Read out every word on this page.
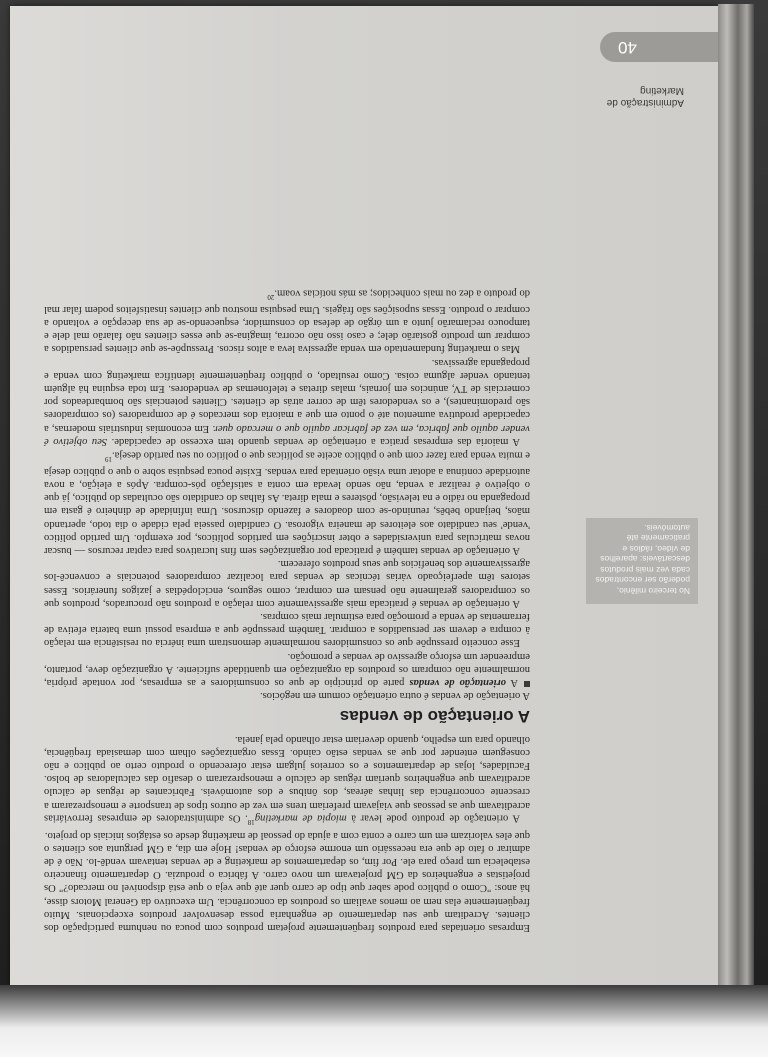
40
Administração de Marketing
No terceiro milênio, poderão ser encontrados cada vez mais produtos descartáveis: aparelhos de vídeo, rádios e praticamente até automóveis.

Empresas orientadas para produtos freqüentemente projetam produtos com pouca ou nenhuma participação dos clientes. Acreditam que seu departamento de engenharia possa desenvolver produtos excepcionais. Muito freqüentemente elas nem ao menos avaliam os produtos da concorrência. Um executivo da General Motors disse, há anos: "Como o público pode saber que tipo de carro quer até que veja o que está disponível no mercado?" Os projetistas e engenheiros da GM projetavam um novo carro. A fábrica o produzia. O departamento financeiro estabelecia um preço para ele. Por fim, os departamentos de marketing e de vendas tentavam vendê-lo. Não é de admirar o fato de que era necessário um enorme esforço de vendas! Hoje em dia, a GM pergunta aos clientes o que eles valorizam em um carro e conta com a ajuda do pessoal de marketing desde os estágios iniciais do projeto.

A orientação de produto pode levar à miopia de marketing$^{18}$. Os administradores de empresas ferroviárias acreditavam que as pessoas que viajavam preferiam trens em vez de outros tipos de transporte e menosprezaram a crescente concorrência das linhas aéreas, dos ônibus e dos automóveis. Fabricantes de réguas de cálculo acreditavam que engenheiros queriam réguas de cálculo e menosprezaram o desafio das calculadoras de bolso. Faculdades, lojas de departamentos e os correios julgam estar oferecendo o produto certo ao público e não conseguem entender por que as vendas estão caindo. Essas organizações olham com demasiada freqüência, olhando para um espelho, quando deveriam estar olhando pela janela.

A orientação de vendas

A orientação de vendas é outra orientação comum em negócios.

A orientação de vendas parte do princípio de que os consumidores e as empresas, por vontade própria, normalmente não compram os produtos da organização em quantidade suficiente. A organização deve, portanto, empreender um esforço agressivo de vendas e promoção.

Esse conceito pressupõe que os consumidores normalmente demonstram uma inércia ou resistência em relação à compra e devem ser persuadidos a comprar. Também pressupõe que a empresa possui uma bateria efetiva de ferramentas de venda e promoção para estimular mais compras.

A orientação de vendas é praticada mais agressivamente com relação a produtos não procurados, produtos que os compradores geralmente não pensam em comprar, como seguros, enciclopédias e jazigos funerários. Esses setores têm aperfeiçoado várias técnicas de vendas para localizar compradores potenciais e convencê-los agressivamente dos benefícios que seus produtos oferecem.

A orientação de vendas também é praticada por organizações sem fins lucrativos para captar recursos — buscar novas matrículas para universidades e obter inscrições em partidos políticos, por exemplo. Um partido político 'vende' seu candidato aos eleitores de maneira vigorosa. O candidato passeia pela cidade o dia todo, apertando mãos, beijando bebês, reunindo-se com doadores e fazendo discursos. Uma infinidade de dinheiro é gasta em propaganda no rádio e na televisão, pôsteres e mala direta. As falhas do candidato são ocultadas do público, já que o objetivo é realizar a venda, não sendo levada em conta a satisfação pós-compra. Após a eleição, a nova autoridade continua a adotar uma visão orientada para vendas. Existe pouca pesquisa sobre o que o público deseja e muita venda para fazer com que o público aceite as políticas que o político ou seu partido deseja.$^{19}$

A maioria das empresas pratica a orientação de vendas quando tem excesso de capacidade. Seu objetivo é vender aquilo que fabrica, em vez de fabricar aquilo que o mercado quer. Em economias industriais modernas, a capacidade produtiva aumentou até o ponto em que a maioria dos mercados é de compradores (os compradores são predominantes), e os vendedores têm de correr atrás de clientes. Clientes potenciais são bombardeados por comerciais de TV, anúncios em jornais, malas diretas e telefonemas de vendedores. Em toda esquina há alguém tentando vender alguma coisa. Como resultado, o público freqüentemente identifica marketing com venda e propaganda agressivas.

Mas o marketing fundamentado em venda agressiva leva a altos riscos. Pressupõe-se que clientes persuadidos a comprar um produto gostarão dele; e caso isso não ocorra, imagina-se que esses clientes não falarão mal dele e tampouco reclamarão junto a um órgão de defesa do consumidor, esquecendo-se de sua decepção e voltando a comprar o produto. Essas suposições são frágeis. Uma pesquisa mostrou que clientes insatisfeitos podem falar mal do produto a dez ou mais conhecidos; as más notícias voam.$^{20}$
